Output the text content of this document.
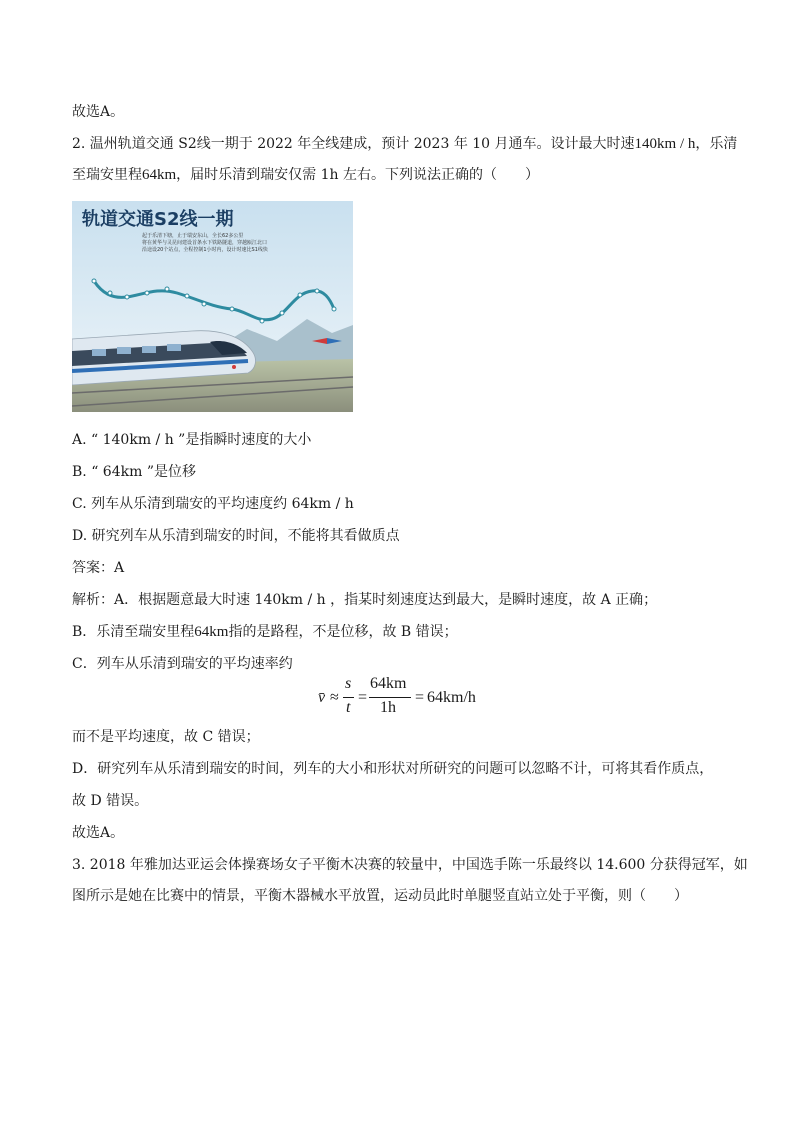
故选A。
2. 温州轨道交通 S2线一期于 2022 年全线建成，预计 2023 年 10 月通车。设计最大时速140km / h，乐清
至瑞安里程64km，届时乐清到瑞安仅需 1h 左右。下列说法正确的（　　）
轨道交通S2线一期
起于乐清下塘，止于瑞安东山，全长62多公里
将在黄华与灵昆间建设首条水下铁路隧道，穿越瓯江北口
沿途设20个站点，全程控制1小时内，设计时速比S1线快
A. “ 140km / h ”是指瞬时速度的大小
B. “ 64km ”是位移
C. 列车从乐清到瑞安的平均速度约 64km / h
D. 研究列车从乐清到瑞安的时间，不能将其看做质点
答案：A
解析：A．根据题意最大时速 140km / h ，指某时刻速度达到最大，是瞬时速度，故 A 正确；
B．乐清至瑞安里程64km指的是路程，不是位移，故 B 错误；
C．列车从乐清到瑞安的平均速率约
v̄ ≈
s
t
=
64km
1h
= 64km/h
而不是平均速度，故 C 错误；
D．研究列车从乐清到瑞安的时间，列车的大小和形状对所研究的问题可以忽略不计，可将其看作质点，
故 D 错误。
故选A。
3. 2018 年雅加达亚运会体操赛场女子平衡木决赛的较量中，中国选手陈一乐最终以 14.600 分获得冠军，如
图所示是她在比赛中的情景，平衡木器械水平放置，运动员此时单腿竖直站立处于平衡，则（　　）
